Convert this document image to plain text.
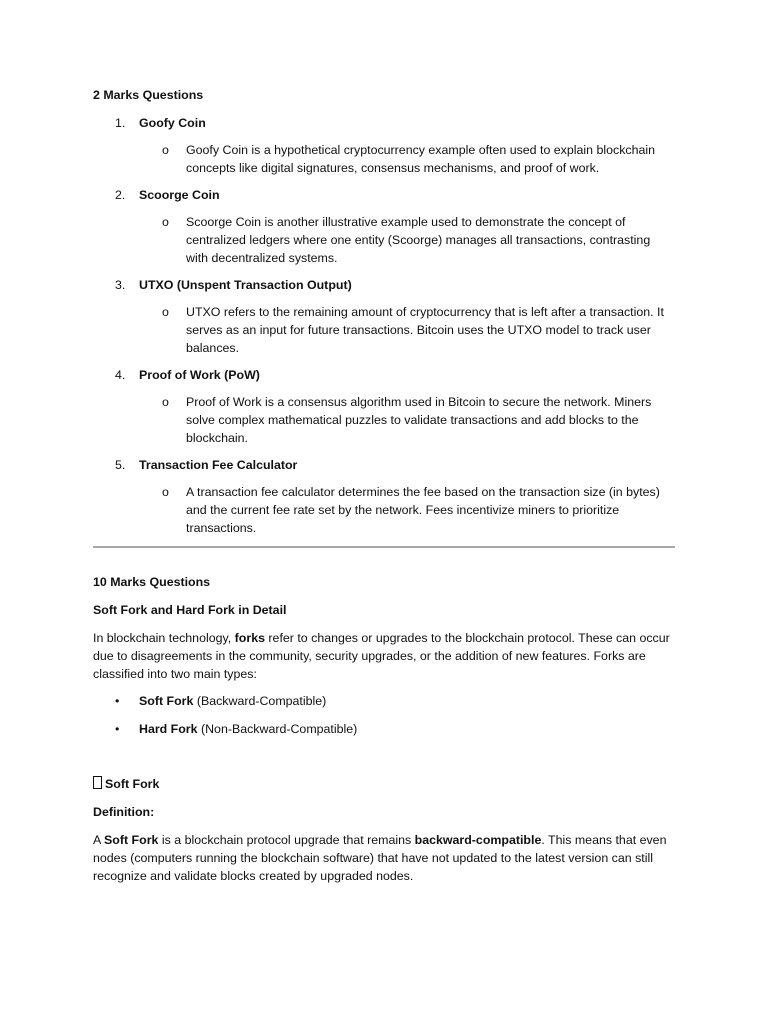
2 Marks Questions
1. Goofy Coin
o Goofy Coin is a hypothetical cryptocurrency example often used to explain blockchain concepts like digital signatures, consensus mechanisms, and proof of work.
2. Scoorge Coin
o Scoorge Coin is another illustrative example used to demonstrate the concept of centralized ledgers where one entity (Scoorge) manages all transactions, contrasting with decentralized systems.
3. UTXO (Unspent Transaction Output)
o UTXO refers to the remaining amount of cryptocurrency that is left after a transaction. It serves as an input for future transactions. Bitcoin uses the UTXO model to track user balances.
4. Proof of Work (PoW)
o Proof of Work is a consensus algorithm used in Bitcoin to secure the network. Miners solve complex mathematical puzzles to validate transactions and add blocks to the blockchain.
5. Transaction Fee Calculator
o A transaction fee calculator determines the fee based on the transaction size (in bytes) and the current fee rate set by the network. Fees incentivize miners to prioritize transactions.
10 Marks Questions
Soft Fork and Hard Fork in Detail

In blockchain technology, forks refer to changes or upgrades to the blockchain protocol. These can occur due to disagreements in the community, security upgrades, or the addition of new features. Forks are classified into two main types:

• Soft Fork (Backward-Compatible)
• Hard Fork (Non-Backward-Compatible)
Soft Fork
Definition:

A Soft Fork is a blockchain protocol upgrade that remains backward-compatible. This means that even nodes (computers running the blockchain software) that have not updated to the latest version can still recognize and validate blocks created by upgraded nodes.
